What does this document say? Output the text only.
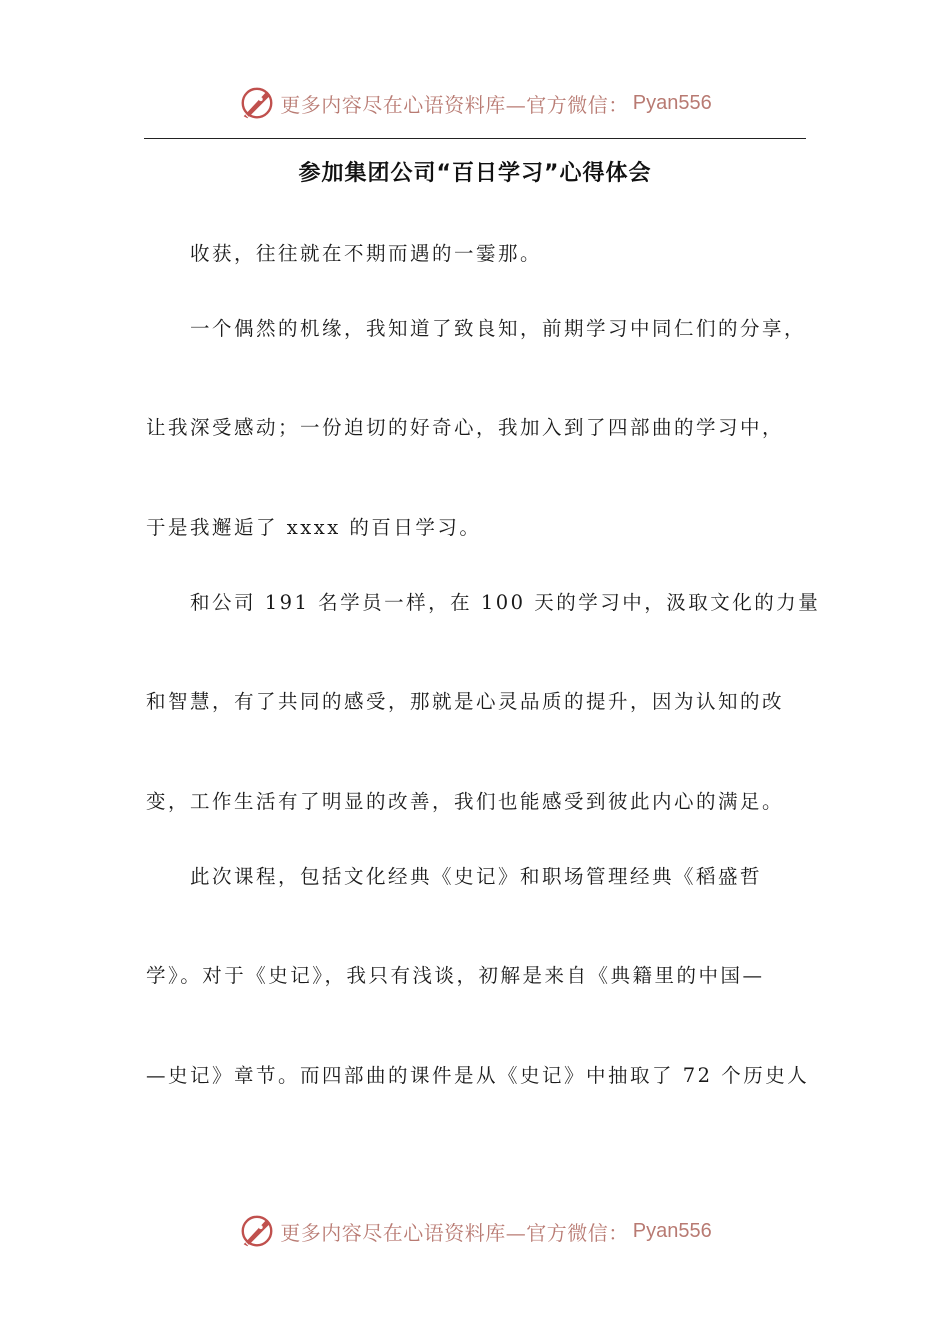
更多内容尽在心语资料库—官方微信： Pyan556
参加集团公司“百日学习”心得体会
收获，往往就在不期而遇的一霎那。
一个偶然的机缘，我知道了致良知，前期学习中同仁们的分享，
让我深受感动；一份迫切的好奇心，我加入到了四部曲的学习中，
于是我邂逅了 xxxx 的百日学习。
和公司 191 名学员一样，在 100 天的学习中，汲取文化的力量
和智慧，有了共同的感受，那就是心灵品质的提升，因为认知的改
变，工作生活有了明显的改善，我们也能感受到彼此内心的满足。
此次课程，包括文化经典《史记》和职场管理经典《稻盛哲
学》。对于《史记》，我只有浅谈，初解是来自《典籍里的中国—
—史记》章节。而四部曲的课件是从《史记》中抽取了 72 个历史人
更多内容尽在心语资料库—官方微信： Pyan556
